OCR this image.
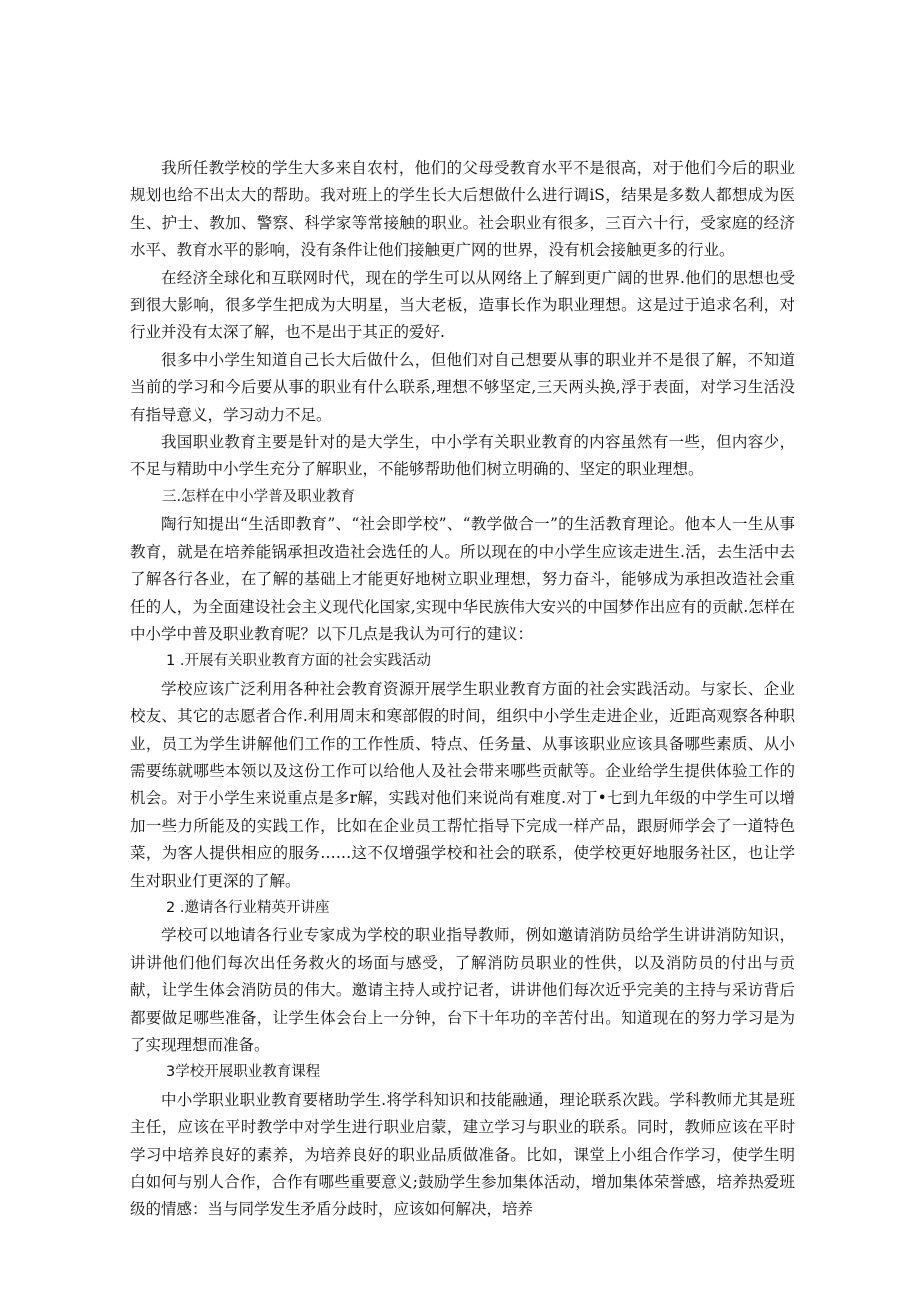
我所任教学校的学生大多来自农村，他们的父母受教育水平不是很高，对于他们今后的职业规划也给不出太大的帮助。我对班上的学生长大后想做什么进行调iS，结果是多数人都想成为医生、护士、教加、警察、科学家等常接触的职业。社会职业有很多，三百六十行，受家庭的经济水平、教育水平的影响，没有条件让他们接触更广网的世界，没有机会接触更多的行业。

在经济全球化和互联网时代，现在的学生可以从网络上了解到更广阔的世界.他们的思想也受到很大影响，很多学生把成为大明星，当大老板，造事长作为职业理想。这是过于追求名利，对行业并没有太深了解，也不是出于其正的爱好.

很多中小学生知道自己长大后做什么，但他们对自己想要从事的职业并不是很了解，不知道当前的学习和今后要从事的职业有什么联系,理想不够坚定,三天两头换,浮于表面，对学习生活没有指导意义，学习动力不足。

我国职业教育主要是针对的是大学生，中小学有关职业教育的内容虽然有一些，但内容少，不足与精助中小学生充分了解职业，不能够帮助他们树立明确的、坚定的职业理想。

三.怎样在中小学普及职业教育

陶行知提出“生活即教育”、“社会即学校”、“教学做合一”的生活教育理论。他本人一生从事教育，就是在培养能锅承担改造社会选任的人。所以现在的中小学生应该走进生.活，去生活中去了解各行各业，在了解的基础上才能更好地树立职业理想，努力奋斗，能够成为承担改造社会重任的人，为全面建设社会主义现代化国家,实现中华民族伟大安兴的中国梦作出应有的贡献.怎样在中小学中普及职业教育呢？以下几点是我认为可行的建议：

1 .开展有关职业教育方面的社会实践活动

学校应该广泛利用各种社会教育资源开展学生职业教育方面的社会实践活动。与家长、企业校友、其它的志愿者合作.利用周末和寒部假的时间，组织中小学生走进企业，近距高观察各种职业，员工为学生讲解他们工作的工作性质、特点、任务量、从事该职业应该具备哪些素质、从小需要练就哪些本领以及这份工作可以给他人及社会带来哪些贡献等。企业给学生提供体验工作的机会。对于小学生来说重点是多r解，实践对他们来说尚有难度.对丁•七到九年级的中学生可以增加一些力所能及的实践工作，比如在企业员工帮忙指导下完成一样产品，跟厨师学会了一道特色菜，为客人提供相应的服务……这不仅增强学校和社会的联系，使学校更好地服务社区，也让学生对职业仃更深的了解。

2 .邀请各行业精英开讲座

学校可以地请各行业专家成为学校的职业指导教师，例如邀请消防员给学生讲讲消防知识，讲讲他们他们每次出任务救火的场面与感受，了解消防员职业的性供，以及消防员的付出与贡献，让学生体会消防员的伟大。邀请主持人或拧记者，讲讲他们每次近乎完美的主持与采访背后都要做足哪些准备，让学生体会台上一分钟，台下十年功的辛苦付出。知道现在的努力学习是为了实现理想而准备。

3学校开展职业教育课程

中小学职业职业教育要楮助学生.将学科知识和技能融通，理论联系次践。学科教师尤其是班主任，应该在平时教学中对学生进行职业启蒙，建立学习与职业的联系。同时，教师应该在平时学习中培养良好的素养，为培养良好的职业品质做准备。比如，课堂上小组合作学习，使学生明白如何与别人合作，合作有哪些重要意义;鼓励学生参加集体活动，增加集体荣誉感，培养热爱班级的情感：当与同学发生矛盾分歧时，应该如何解决，培养
